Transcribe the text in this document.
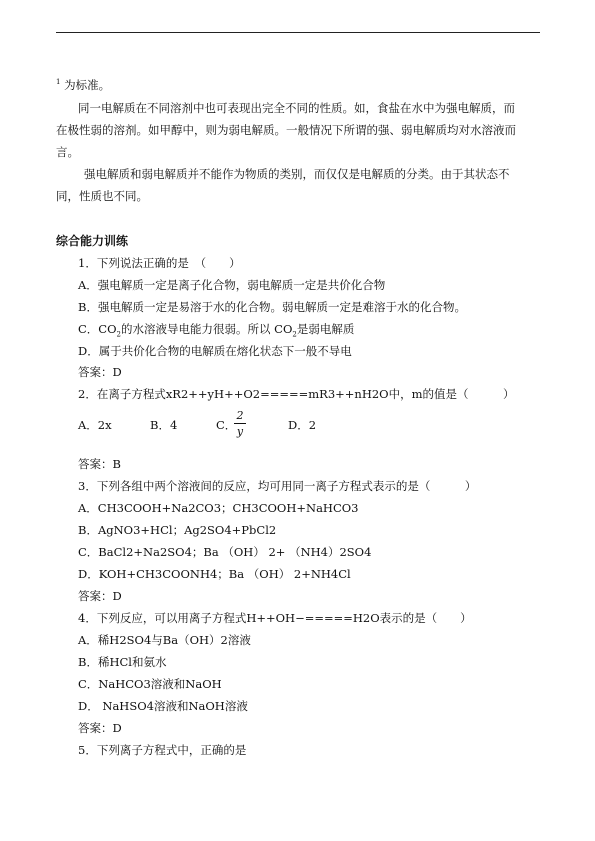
$^1$ 为标准。
同一电解质在不同溶剂中也可表现出完全不同的性质。如，食盐在水中为强电解质，而
在极性弱的溶剂。如甲醇中，则为弱电解质。一般情况下所谓的强、弱电解质均对水溶液而
言。
强电解质和弱电解质并不能作为物质的类别，而仅仅是电解质的分类。由于其状态不
同，性质也不同。
综合能力训练
1．下列说法正确的是　（　　）
A．强电解质一定是离子化合物，弱电解质一定是共价化合物
B．强电解质一定是易溶于水的化合物。弱电解质一定是难溶于水的化合物。
C．$CO_2$的水溶液导电能力很弱。所以 $CO_2$是弱电解质
D．属于共价化合物的电解质在熔化状态下一般不导电
答案：D
2．在离子方程式xR2++yH++O2=====mR3++nH2O中，m的值是（　　　）
A．2x	B．4	C．
2
y	D．2
答案：B
3．下列各组中两个溶液间的反应，均可用同一离子方程式表示的是（　　　）
A．CH3COOH+Na2CO3；CH3COOH+NaHCO3
B．AgNO3+HCl；Ag2SO4+PbCl2
C．BaCl2+Na2SO4；Ba （OH） 2+ （NH4）2SO4
D．KOH+CH3COONH4；Ba （OH） 2+NH4Cl
答案：D
4．下列反应，可以用离子方程式H++OH−=====H2O表示的是（　　）
A．稀H2SO4与Ba（OH）2溶液
B．稀HCl和氨水
C．NaHCO3溶液和NaOH
D． NaHSO4溶液和NaOH溶液
答案：D
5．下列离子方程式中，正确的是
